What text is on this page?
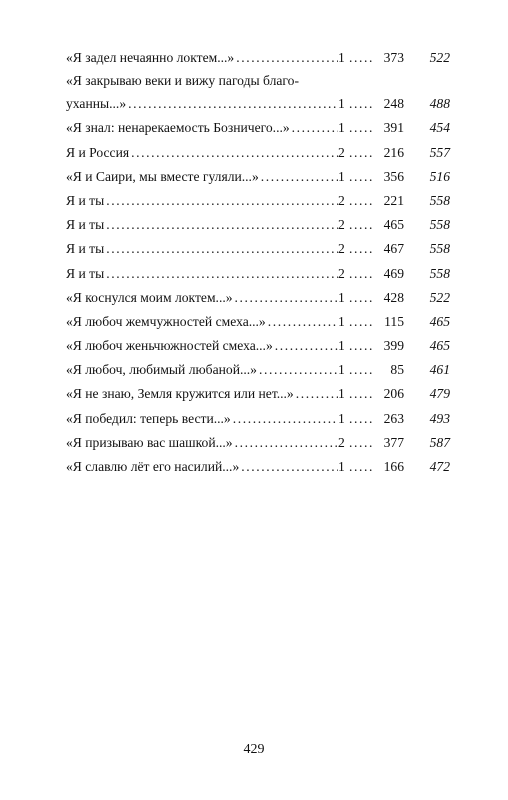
«Я задел нечаянно локтем...» .....	1 ..... 373	522
«Я закрываю веки и вижу пагоды благо-
уханны...» .....	1 ..... 248	488
«Я знал: ненарекаемость Бозничего...» .....	1 ..... 391	454
Я и Россия .....	2 ..... 216	557
«Я и Саири, мы вместе гуляли...» .....	1 ..... 356	516
Я и ты .....	2 ..... 221	558
Я и ты .....	2 ..... 465	558
Я и ты .....	2 ..... 467	558
Я и ты .....	2 ..... 469	558
«Я коснулся моим локтем...» .....	1 ..... 428	522
«Я любоч жемчужностей смеха...» .....	1 ..... 115	465
«Я любоч женьчюжностей смеха...» .....	1 ..... 399	465
«Я любоч, любимый любаной...» .....	1 .....	85	461
«Я не знаю, Земля кружится или нет...» .....	1 ..... 206	479
«Я победил: теперь вести...» .....	1 ..... 263	493
«Я призываю вас шашкой...» .....	2 ..... 377	587
«Я славлю лёт его насилий...» .....	1 ..... 166	472
429
